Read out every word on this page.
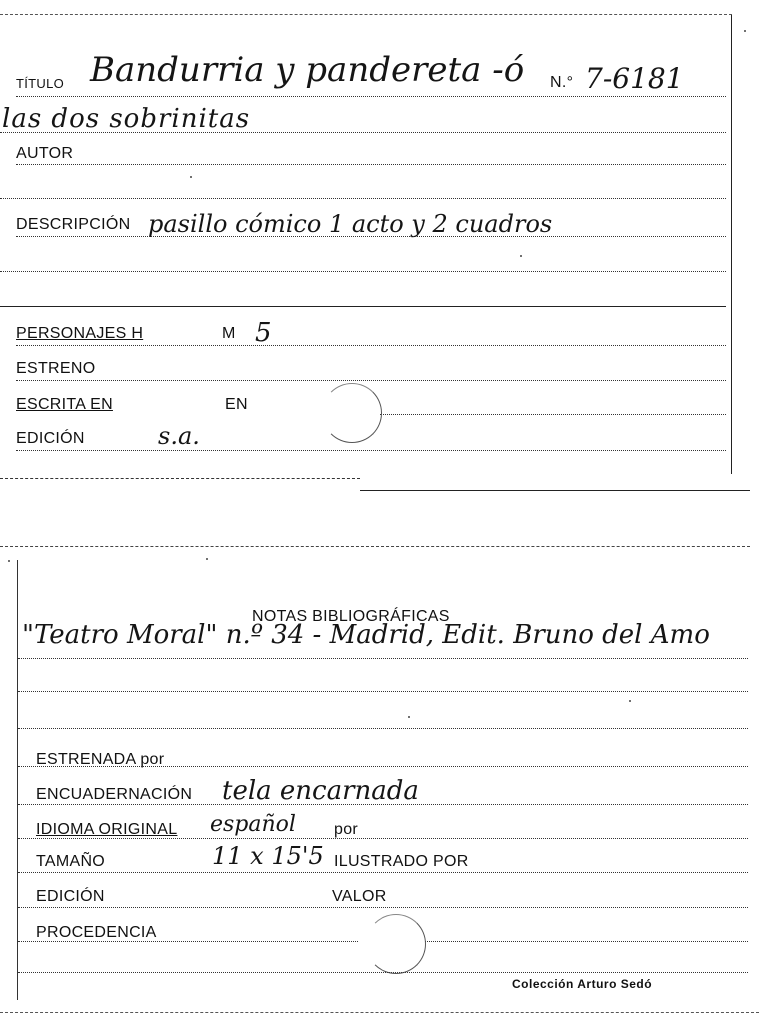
TÍTULO Bandurria y pandereta -ó N.° 7-6181
las dos sobrinitas
AUTOR
DESCRIPCIÓN pasillo cómico 1 acto y 2 cuadros
PERSONAJES H	M 5
ESTRENO
ESCRITA EN	EN
EDICIÓN	s.a.
NOTAS BIBLIOGRÁFICAS
"Teatro Moral" n.º 34 - Madrid, Edit. Bruno del Amo
ESTRENADA por
ENCUADERNACIÓN tela encarnada
IDIOMA ORIGINAL español por
TAMAÑO	11 x 15'5 ILUSTRADO POR
EDICIÓN	VALOR
PROCEDENCIA
Colección Arturo Sedó
